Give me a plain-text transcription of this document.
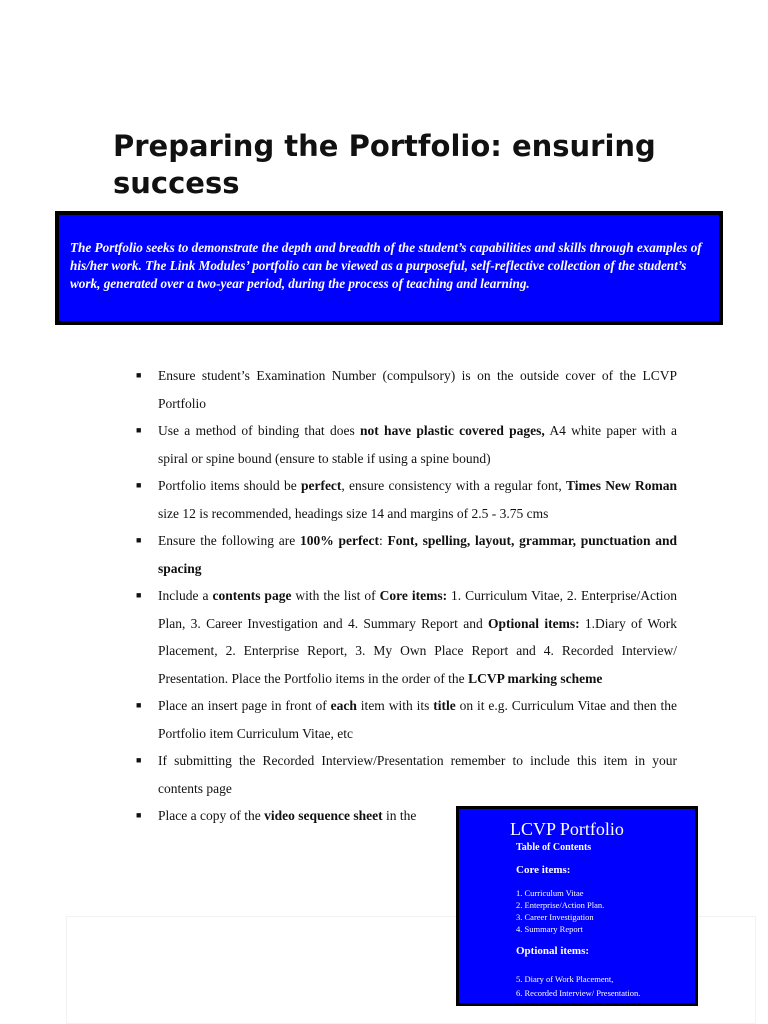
Preparing the Portfolio: ensuring success

The Portfolio seeks to demonstrate the depth and breadth of the student’s capabilities and skills through examples of his/her work. The Link Modules’ portfolio can be viewed as a purposeful, self-reflective collection of the student’s work, generated over a two-year period, during the process of teaching and learning.

■ Ensure student’s Examination Number (compulsory) is on the outside cover of the LCVP Portfolio
■ Use a method of binding that does not have plastic covered pages, A4 white paper with a spiral or spine bound (ensure to stable if using a spine bound)
■ Portfolio items should be perfect, ensure consistency with a regular font, Times New Roman size 12 is recommended, headings size 14 and margins of 2.5 - 3.75 cms
■ Ensure the following are 100% perfect: Font, spelling, layout, grammar, punctuation and spacing
■ Include a contents page with the list of Core items: 1. Curriculum Vitae, 2. Enterprise/Action Plan, 3. Career Investigation and 4. Summary Report and Optional items: 1.Diary of Work Placement, 2. Enterprise Report, 3. My Own Place Report and 4. Recorded Interview/ Presentation. Place the Portfolio items in the order of the LCVP marking scheme
■ Place an insert page in front of each item with its title on it e.g. Curriculum Vitae and then the Portfolio item Curriculum Vitae, etc
■ If submitting the Recorded Interview/Presentation remember to include this item in your contents page
■ Place a copy of the video sequence sheet in the
LCVP Portfolio
Table of Contents
Core items:
1. Curriculum Vitae
2. Enterprise/Action Plan.
3. Career Investigation
4. Summary Report
Optional items:
5. Diary of Work Placement,
6. Recorded Interview/ Presentation.
